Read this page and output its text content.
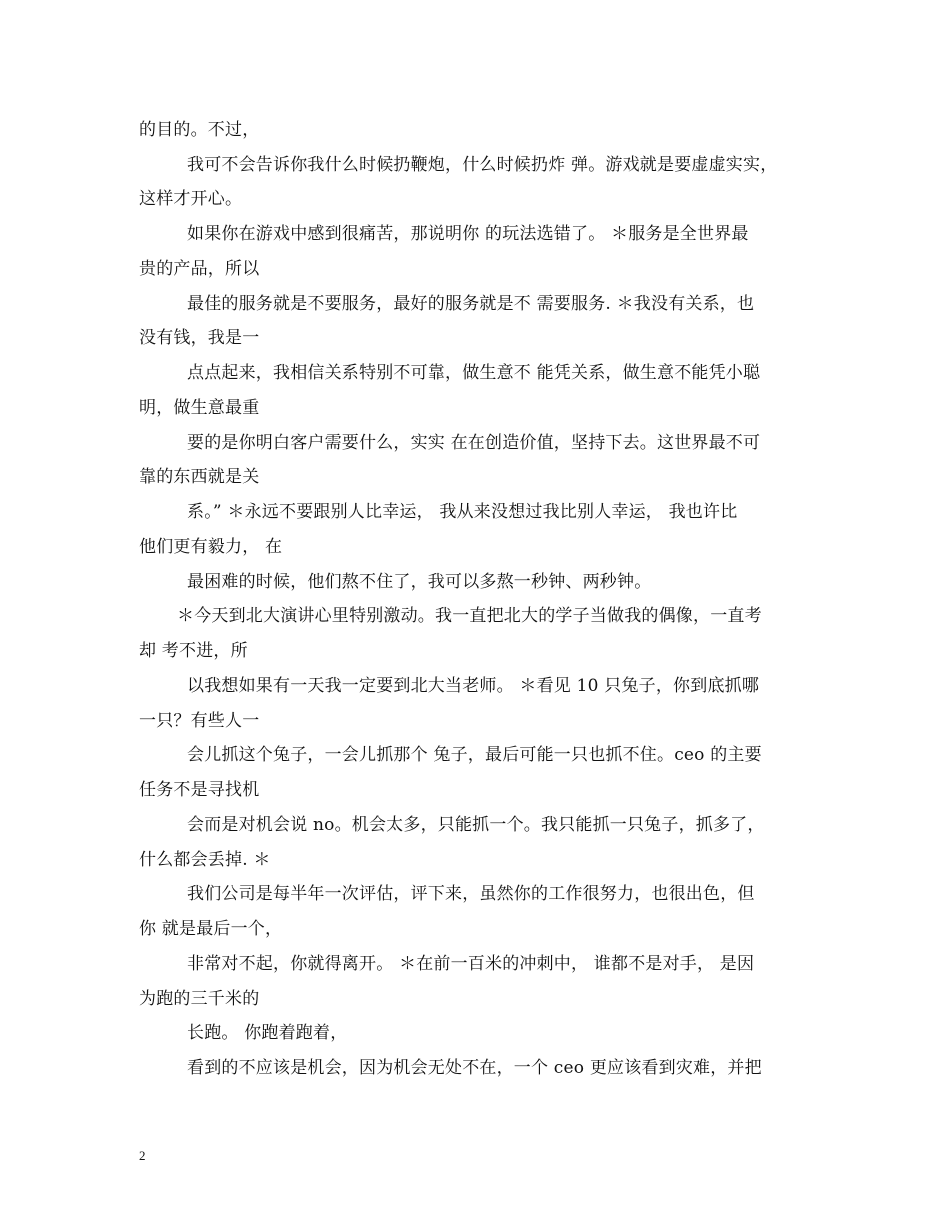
的目的。不过，
我可不会告诉你我什么时候扔鞭炮，什么时候扔炸 弹。游戏就是要虚虚实实，
这样才开心。
如果你在游戏中感到很痛苦，那说明你 的玩法选错了。 ＊服务是全世界最
贵的产品，所以
最佳的服务就是不要服务，最好的服务就是不 需要服务. ＊我没有关系，也
没有钱，我是一
点点起来，我相信关系特别不可靠，做生意不 能凭关系，做生意不能凭小聪
明，做生意最重
要的是你明白客户需要什么，实实 在在创造价值，坚持下去。这世界最不可
靠的东西就是关
系。” ＊永远不要跟别人比幸运， 我从来没想过我比别人幸运， 我也许比
他们更有毅力， 在
最困难的时候，他们熬不住了，我可以多熬一秒钟、两秒钟。
＊今天到北大演讲心里特别激动。我一直把北大的学子当做我的偶像，一直考
却 考不进，所
以我想如果有一天我一定要到北大当老师。 ＊看见 10 只兔子，你到底抓哪
一只？有些人一
会儿抓这个兔子，一会儿抓那个 兔子，最后可能一只也抓不住。ceo 的主要
任务不是寻找机
会而是对机会说 no。机会太多，只能抓一个。我只能抓一只兔子，抓多了，
什么都会丢掉. ＊
我们公司是每半年一次评估，评下来，虽然你的工作很努力，也很出色，但
你 就是最后一个，
非常对不起，你就得离开。 ＊在前一百米的冲刺中， 谁都不是对手， 是因
为跑的三千米的
长跑。 你跑着跑着，
看到的不应该是机会，因为机会无处不在，一个 ceo 更应该看到灾难，并把
2
